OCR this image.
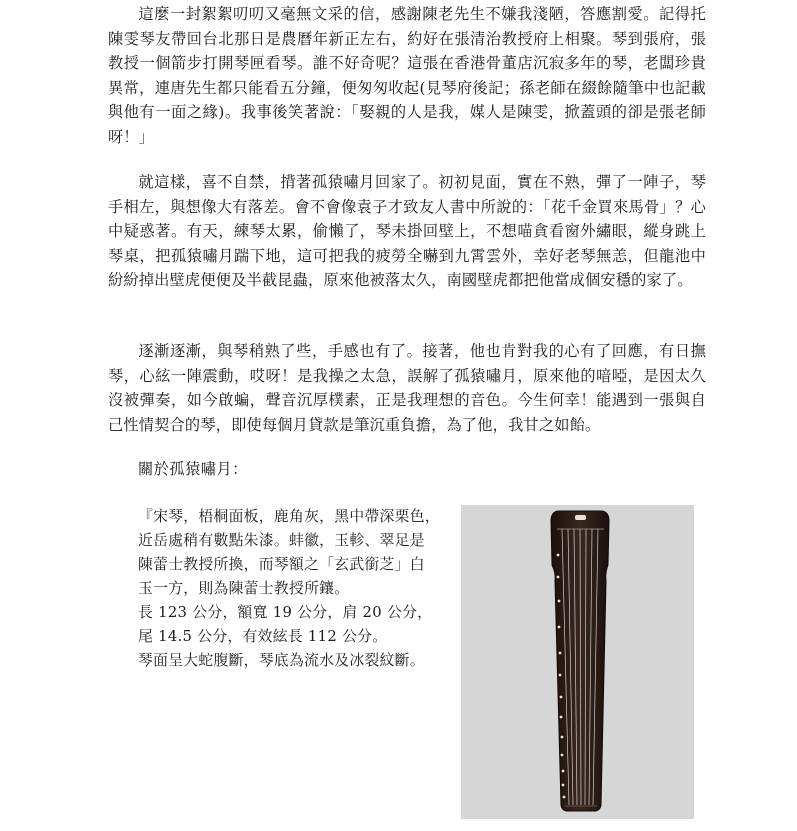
這麼一封絮絮叨叨又毫無文采的信，感謝陳老先生不嫌我淺陋，答應割愛。記得托陳雯琴友帶回台北那日是農曆年新正左右，約好在張清治教授府上相聚。琴到張府，張教授一個箭步打開琴匣看琴。誰不好奇呢？這張在香港骨董店沉寂多年的琴，老闆珍貴異常，連唐先生都只能看五分鐘，便匆匆收起(見琴府後記；孫老師在綴餘隨筆中也記載與他有一面之緣)。我事後笑著說：「娶親的人是我，媒人是陳雯，掀蓋頭的卻是張老師呀！」

就這樣，喜不自禁，揹著孤猿嘯月回家了。初初見面，實在不熟，彈了一陣子，琴手相左，與想像大有落差。會不會像袁子才致友人書中所說的：「花千金買來馬骨」？心中疑惑著。有天，練琴太累，偷懶了，琴未掛回壁上，不想喵貪看窗外繡眼，縱身跳上琴桌，把孤猿嘯月踹下地，這可把我的疲勞全嚇到九霄雲外，幸好老琴無恙，但龍池中紛紛掉出壁虎便便及半截昆蟲，原來他被落太久，南國壁虎都把他當成個安穩的家了。

逐漸逐漸，與琴稍熟了些，手感也有了。接著，他也肯對我的心有了回應，有日撫琴，心絃一陣震動，哎呀！是我操之太急，誤解了孤猿嘯月，原來他的喑啞，是因太久沒被彈奏，如今啟蝙，聲音沉厚樸素，正是我理想的音色。今生何幸！能遇到一張與自己性情契合的琴，即使每個月貸款是筆沉重負擔，為了他，我甘之如飴。

關於孤猿嘯月：

『宋琴，梧桐面板，鹿角灰，黑中帶深栗色，
近岳處稍有數點朱漆。蚌徽，玉軫、翠足是
陳蕾士教授所換，而琴額之「玄武銜芝」白
玉一方，則為陳蕾士教授所鑲。
長 123 公分，額寬 19 公分，肩 20 公分，
尾 14.5 公分，有效絃長 112 公分。
琴面呈大蛇腹斷，琴底為流水及冰裂紋斷。
